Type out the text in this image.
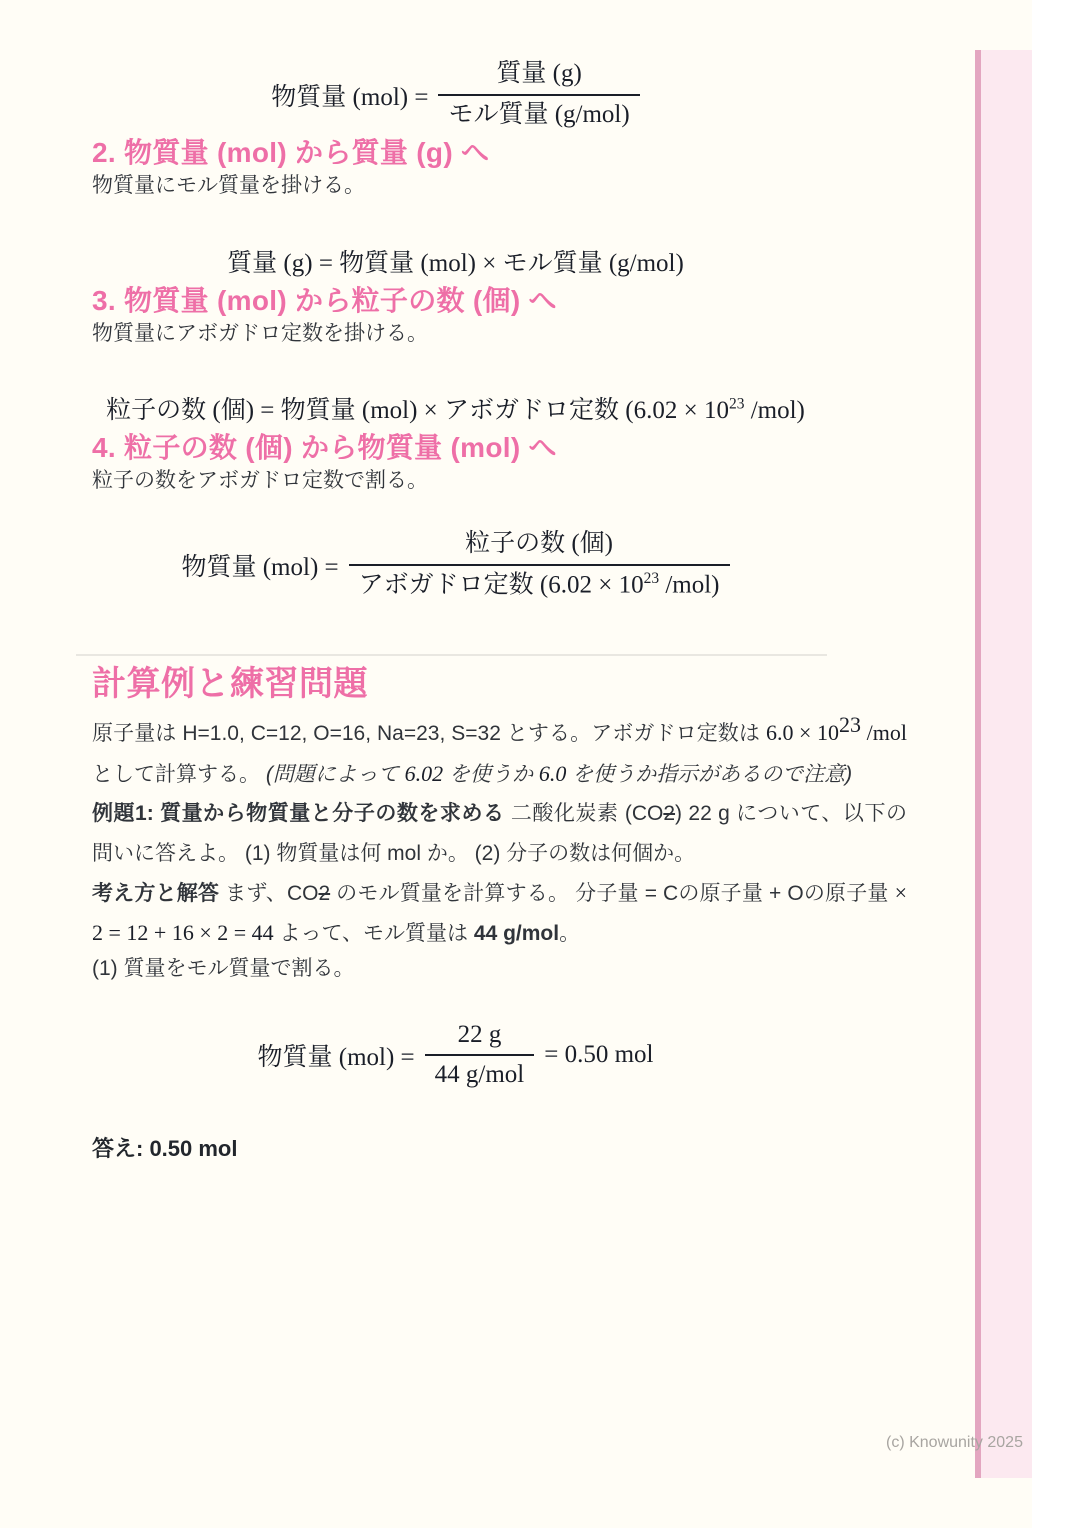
物質量 $(mol) = \frac{\text{質量 (g)}}{\text{モル質量 (g/mol)}}$
2. 物質量 (mol) から質量 (g) へ

物質量にモル質量を掛ける。

質量 (g) = 物質量 (mol) × モル質量 (g/mol)
3. 物質量 (mol) から粒子の数 (個) へ

物質量にアボガドロ定数を掛ける。

粒子の数 (個) = 物質量 (mol) × アボガドロ定数 ($6.02 \times 10^{23}$ /mol)
4. 粒子の数 (個) から物質量 (mol) へ

粒子の数をアボガドロ定数で割る。

物質量 $(mol) = \frac{\text{粒子の数 (個)}}{アボガドロ定数 (6.02 \times 10^{23} /mol)}$
計算例と練習問題

原子量は H=1.0, C=12, O=16, Na=23, S=32 とする。アボガドロ定数は $6.0 \times 10^{23}$ /mol として計算する。 (問題によって 6.02 を使うか 6.0 を使うか指示があるので注意)

例題1: 質量から物質量と分子の数を求める 二酸化炭素 (CO2) 22 g について、以下の問いに答えよ。 (1) 物質量は何 mol か。 (2) 分子の数は何個か。

考え方と解答 まず、CO2 のモル質量を計算する。 分子量 = Cの原子量 + Oの原子量 × 2 = 12 + 16 × 2 = 44 よって、モル質量は 44 g/mol。

(1) 質量をモル質量で割る。

物質量 $(mol) = \frac{22 g}{\text{44 g/mol}} = 0.50$ mol

答え: 0.50 mol

(c) Knowunity 2025
